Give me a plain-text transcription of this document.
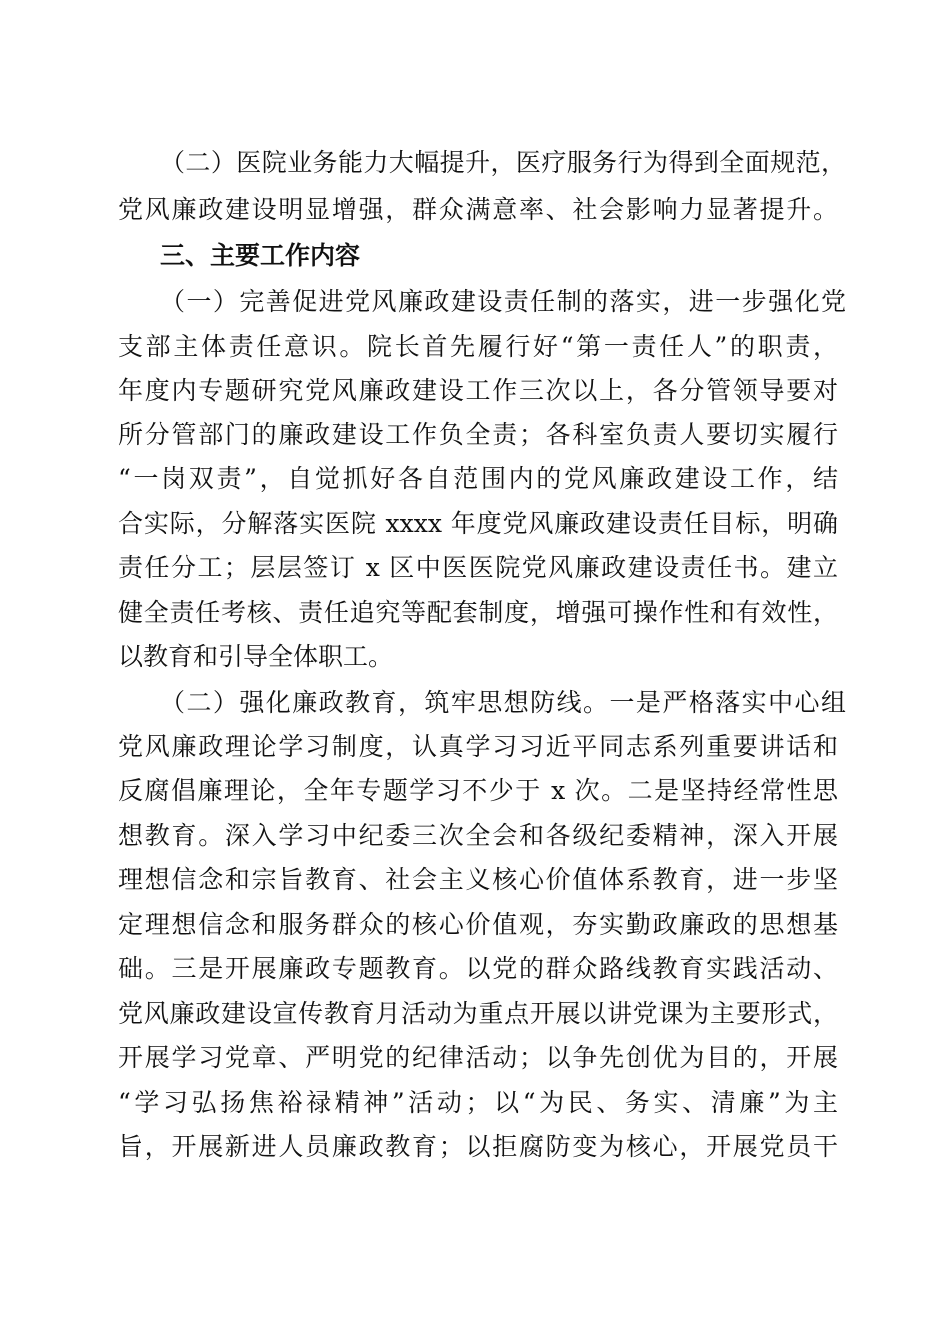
（二）医院业务能力大幅提升，医疗服务行为得到全面规范，
党风廉政建设明显增强，群众满意率、社会影响力显著提升。
三、主要工作内容
（一）完善促进党风廉政建设责任制的落实，进一步强化党
支部主体责任意识。院长首先履行好“第一责任人”的职责，
年度内专题研究党风廉政建设工作三次以上，各分管领导要对
所分管部门的廉政建设工作负全责；各科室负责人要切实履行
“一岗双责”，自觉抓好各自范围内的党风廉政建设工作，结
合实际，分解落实医院 xxxx 年度党风廉政建设责任目标，明确
责任分工；层层签订 x 区中医医院党风廉政建设责任书。建立
健全责任考核、责任追究等配套制度，增强可操作性和有效性，
以教育和引导全体职工。
（二）强化廉政教育，筑牢思想防线。一是严格落实中心组
党风廉政理论学习制度，认真学习习近平同志系列重要讲话和
反腐倡廉理论，全年专题学习不少于 x 次。二是坚持经常性思
想教育。深入学习中纪委三次全会和各级纪委精神，深入开展
理想信念和宗旨教育、社会主义核心价值体系教育，进一步坚
定理想信念和服务群众的核心价值观，夯实勤政廉政的思想基
础。三是开展廉政专题教育。以党的群众路线教育实践活动、
党风廉政建设宣传教育月活动为重点开展以讲党课为主要形式，
开展学习党章、严明党的纪律活动；以争先创优为目的，开展
“学习弘扬焦裕禄精神”活动；以“为民、务实、清廉”为主
旨，开展新进人员廉政教育；以拒腐防变为核心，开展党员干
